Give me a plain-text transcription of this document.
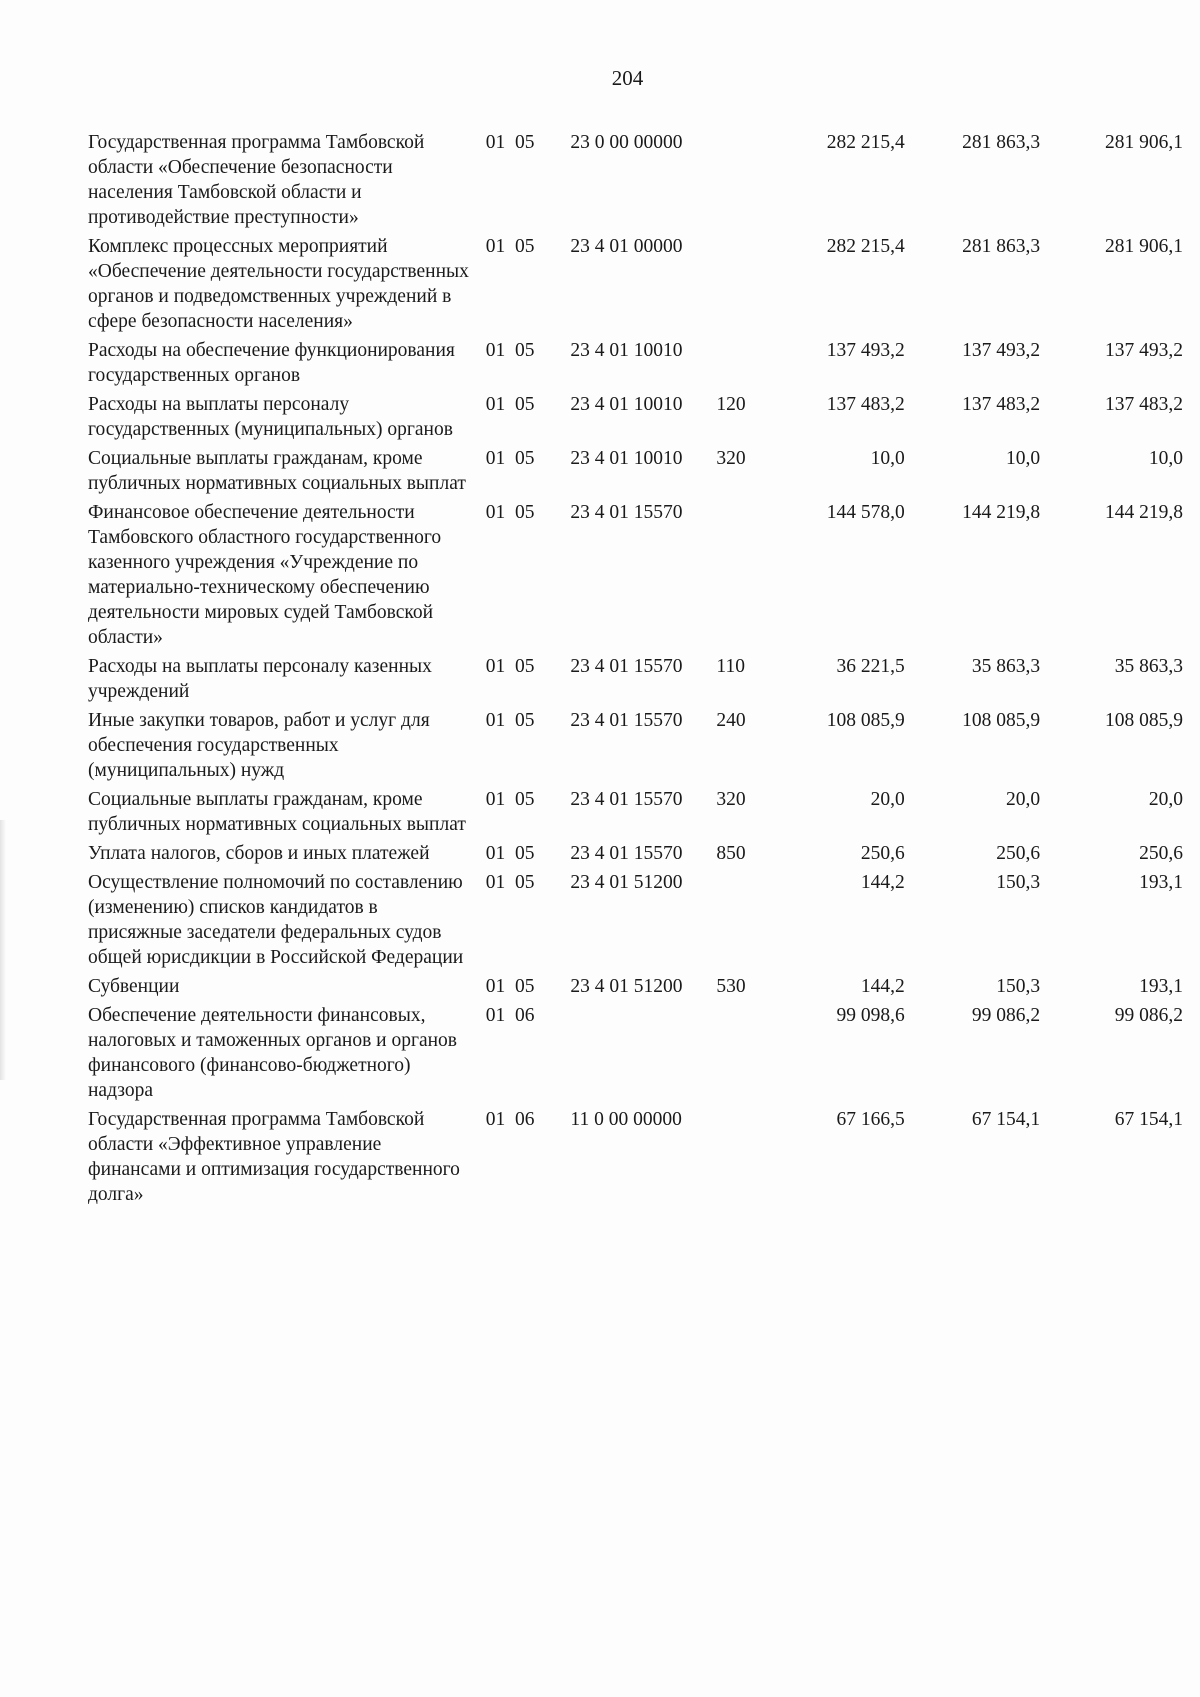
204
Государственная программа Тамбовской области «Обеспечение безопасности населения Тамбовской области и противодействие преступности»	01  05	23 0 00 00000		282 215,4	281 863,3	281 906,1
Комплекс процессных мероприятий «Обеспечение деятельности государственных органов и подведомственных учреждений в сфере безопасности населения»	01  05	23 4 01 00000		282 215,4	281 863,3	281 906,1
Расходы на обеспечение функционирования государственных органов	01  05	23 4 01 10010		137 493,2	137 493,2	137 493,2
Расходы на выплаты персоналу государственных (муниципальных) органов	01  05	23 4 01 10010	120	137 483,2	137 483,2	137 483,2
Социальные выплаты гражданам, кроме публичных нормативных социальных выплат	01  05	23 4 01 10010	320	10,0	10,0	10,0
Финансовое обеспечение деятельности Тамбовского областного государственного казенного учреждения «Учреждение по материально-техническому обеспечению деятельности мировых судей Тамбовской области»	01  05	23 4 01 15570		144 578,0	144 219,8	144 219,8
Расходы на выплаты персоналу казенных учреждений	01  05	23 4 01 15570	110	36 221,5	35 863,3	35 863,3
Иные закупки товаров, работ и услуг для обеспечения государственных (муниципальных) нужд	01  05	23 4 01 15570	240	108 085,9	108 085,9	108 085,9
Социальные выплаты гражданам, кроме публичных нормативных социальных выплат	01  05	23 4 01 15570	320	20,0	20,0	20,0
Уплата налогов, сборов и иных платежей	01  05	23 4 01 15570	850	250,6	250,6	250,6
Осуществление полномочий по составлению (изменению) списков кандидатов в присяжные заседатели федеральных судов общей юрисдикции в Российской Федерации	01  05	23 4 01 51200		144,2	150,3	193,1
Субвенции	01  05	23 4 01 51200	530	144,2	150,3	193,1
Обеспечение деятельности финансовых, налоговых и таможенных органов и органов финансового (финансово-бюджетного) надзора	01  06			99 098,6	99 086,2	99 086,2
Государственная программа Тамбовской области «Эффективное управление финансами и оптимизация государственного долга»	01  06	11 0 00 00000		67 166,5	67 154,1	67 154,1
